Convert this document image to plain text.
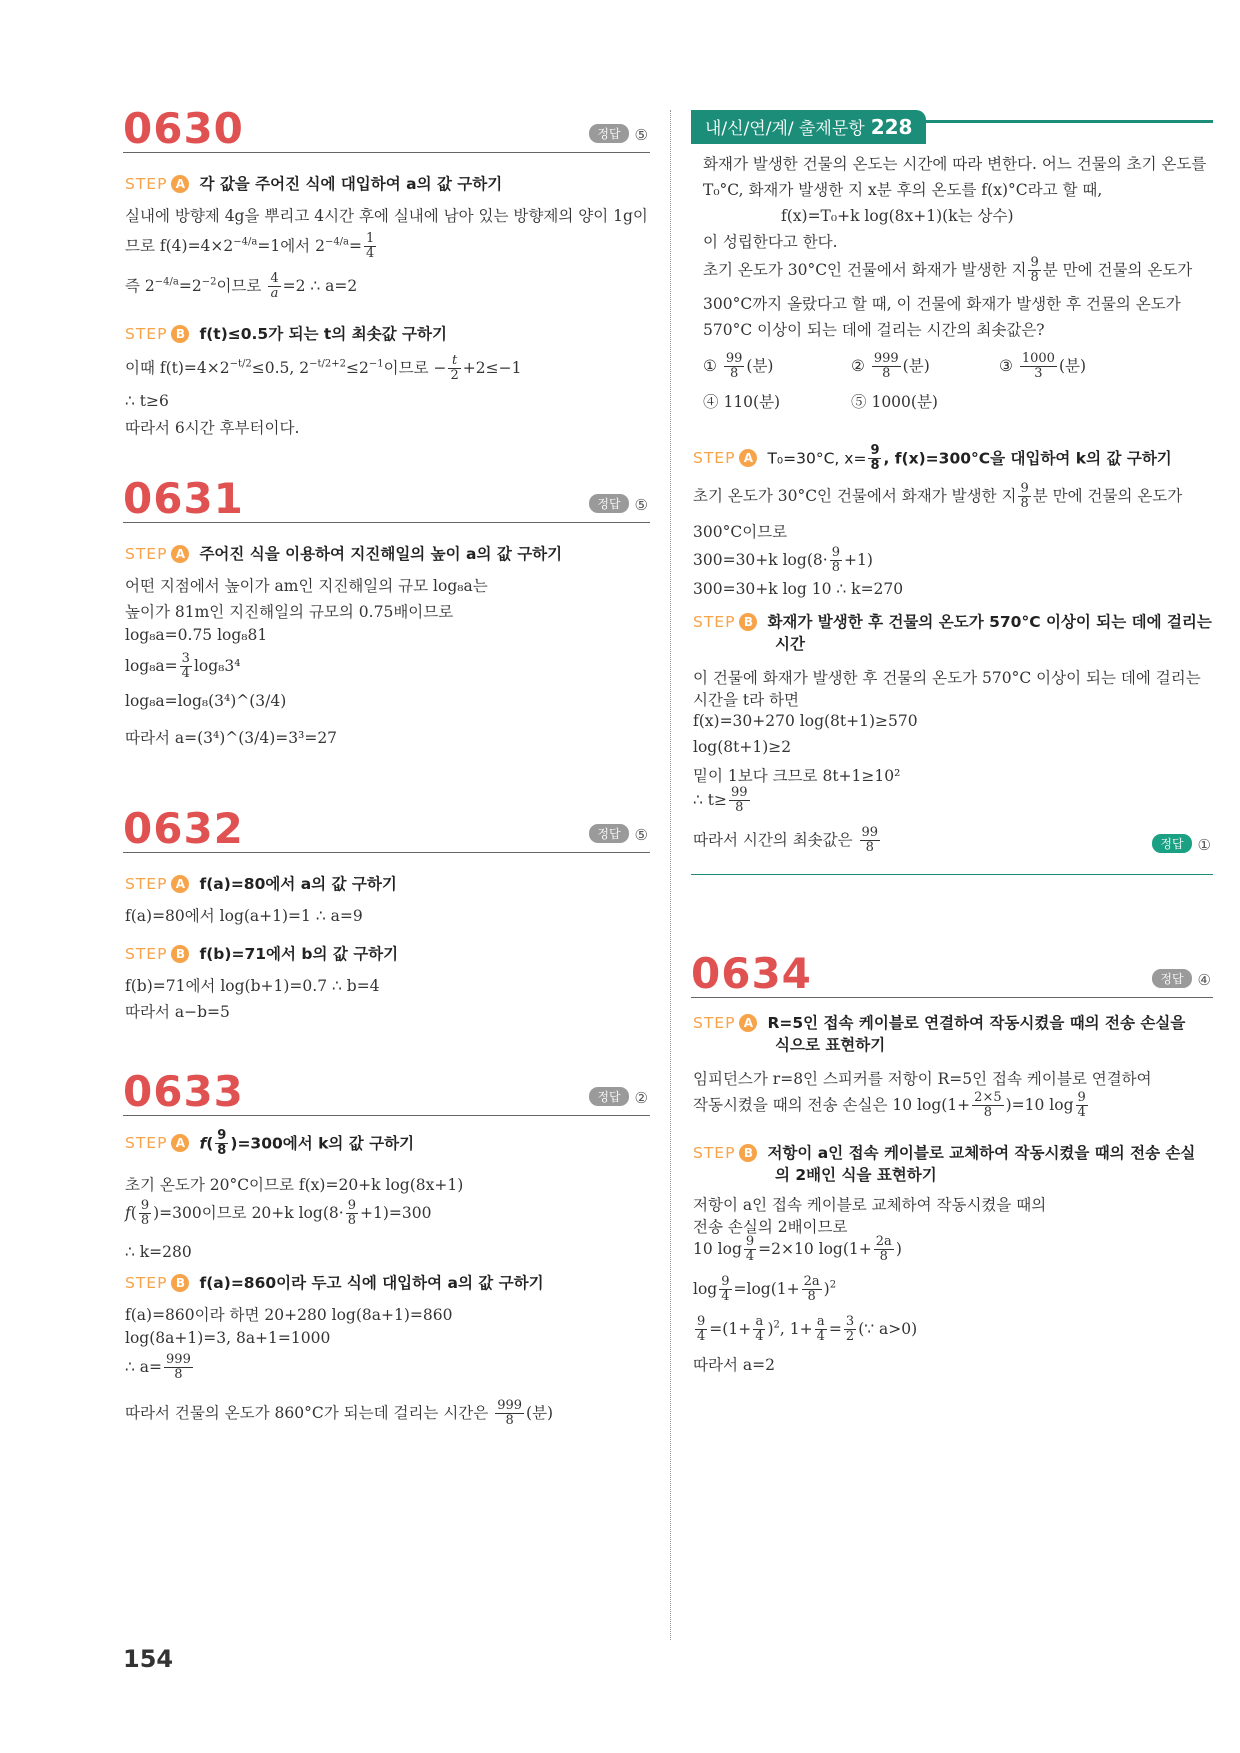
0630	정답 ⑤
STEP A 각 값을 주어진 식에 대입하여 a의 값 구하기
실내에 방향제 4g을 뿌리고 4시간 후에 실내에 남아 있는 방향제의 양이 1g이
므로 $f(4)=4\times 2^{-4/a}=1$에서 $2^{-4/a}= \frac{1}{4}$
즉 $2^{-4/a}=2^{-2}$이므로 $\frac{4}{a} =2$ ∴ a=2
STEP B f(t)≤0.5가 되는 t의 최솟값 구하기
이때 $f(t)=4\times 2^{-t/2}\le 0.5$, $2^{-t/2+2}\le 2^{-1}$이므로 − $\frac{t}{2} +2\le-1$
∴ t≥6
따라서 6시간 후부터이다.
0631	정답 ⑤
STEP A 주어진 식을 이용하여 지진해일의 높이 a의 값 구하기
어떤 지점에서 높이가 am인 지진해일의 규모 log₈a는
높이가 81m인 지진해일의 규모의 0.75배이므로
log₈a=0.75 log₈81
$\log_8a= \frac{3}{4} \log_83^4$
log₈a=log₈(3⁴)^(3/4)
따라서 a=(3⁴)^(3/4)=3³=27
0632	정답 ⑤
STEP A f(a)=80에서 a의 값 구하기
f(a)=80에서 log(a+1)=1 ∴ a=9
STEP B f(b)=71에서 b의 값 구하기
f(b)=71에서 log(b+1)=0.7 ∴ b=4
따라서 a−b=5
0633	정답 ②
STEP A $f( \frac{9}{8} )=300$에서 k의 값 구하기
초기 온도가 20°C이므로 f(x)=20+k log(8x+1)
$f( \frac{9}{8} )=300$이므로 20+k $\log(8\cdot \frac{9}{8} +1)=300$
∴ k=280
STEP B f(a)=860이라 두고 식에 대입하여 a의 값 구하기
f(a)=860이라 하면 20+280 log(8a+1)=860
log(8a+1)=3, 8a+1=1000
∴ $a= \frac{999}{8}$
따라서 건물의 온도가 860°C가 되는데 걸리는 시간은 $\frac{999}{8}$ (분)
내/신/연/계/ 출제문항 228
화재가 발생한 건물의 온도는 시간에 따라 변한다. 어느 건물의 초기 온도를
T₀°C, 화재가 발생한 지 x분 후의 온도를 f(x)°C라고 할 때,
f(x)=T₀+k log(8x+1)(k는 상수)
이 성립한다고 한다.
초기 온도가 30°C인 건물에서 화재가 발생한 지 $\frac{9}{8}$ 분 만에 건물의 온도가
300°C까지 올랐다고 할 때, 이 건물에 화재가 발생한 후 건물의 온도가
570°C 이상이 되는 데에 걸리는 시간의 최솟값은?
① $\frac{99}{8}$ (분)	② $\frac{999}{8}$ (분)	③ $\frac{1000}{3}$ (분)
④ 110(분)	⑤ 1000(분)
STEP A T₀=30°C, $x= \frac{9}{8}$ , f(x)=300°C을 대입하여 k의 값 구하기
초기 온도가 30°C인 건물에서 화재가 발생한 지 $\frac{9}{8}$ 분 만에 건물의 온도가
300°C이므로
300=30+k $\log(8\cdot \frac{9}{8} +1)$
300=30+k log 10 ∴ k=270
STEP B 화재가 발생한 후 건물의 온도가 570°C 이상이 되는 데에 걸리는
시간
이 건물에 화재가 발생한 후 건물의 온도가 570°C 이상이 되는 데에 걸리는
시간을 t라 하면
f(x)=30+270 log(8t+1)≥570
log(8t+1)≥2
밑이 1보다 크므로 8t+1≥10²
∴ $t\ge \frac{99}{8}$
따라서 시간의 최솟값은 $\frac{99}{8}$	정답 ①
0634	정답 ④
STEP A R=5인 접속 케이블로 연결하여 작동시켰을 때의 전송 손실을
식으로 표현하기
임피던스가 r=8인 스피커를 저항이 R=5인 접속 케이블로 연결하여
작동시켰을 때의 전송 손실은 10 $\log(1+ \frac{2\times 5}{8} )=10$ $\log \frac{9}{4}$
STEP B 저항이 a인 접속 케이블로 교체하여 작동시켰을 때의 전송 손실
의 2배인 식을 표현하기
저항이 a인 접속 케이블로 교체하여 작동시켰을 때의
전송 손실의 2배이므로
10 $\log \frac{9}{4} =2\times 10$ $\log(1+ \frac{2a}{8}$ )
$\log \frac{9}{4} =\log(1+ \frac{2a}{8} )^2$
$\frac{9}{4} =(1+ \frac{a}{4} )^2$, $1+ \frac{a}{4} = \frac{3}{2}$ (∵ a>0)
따라서 a=2
154
